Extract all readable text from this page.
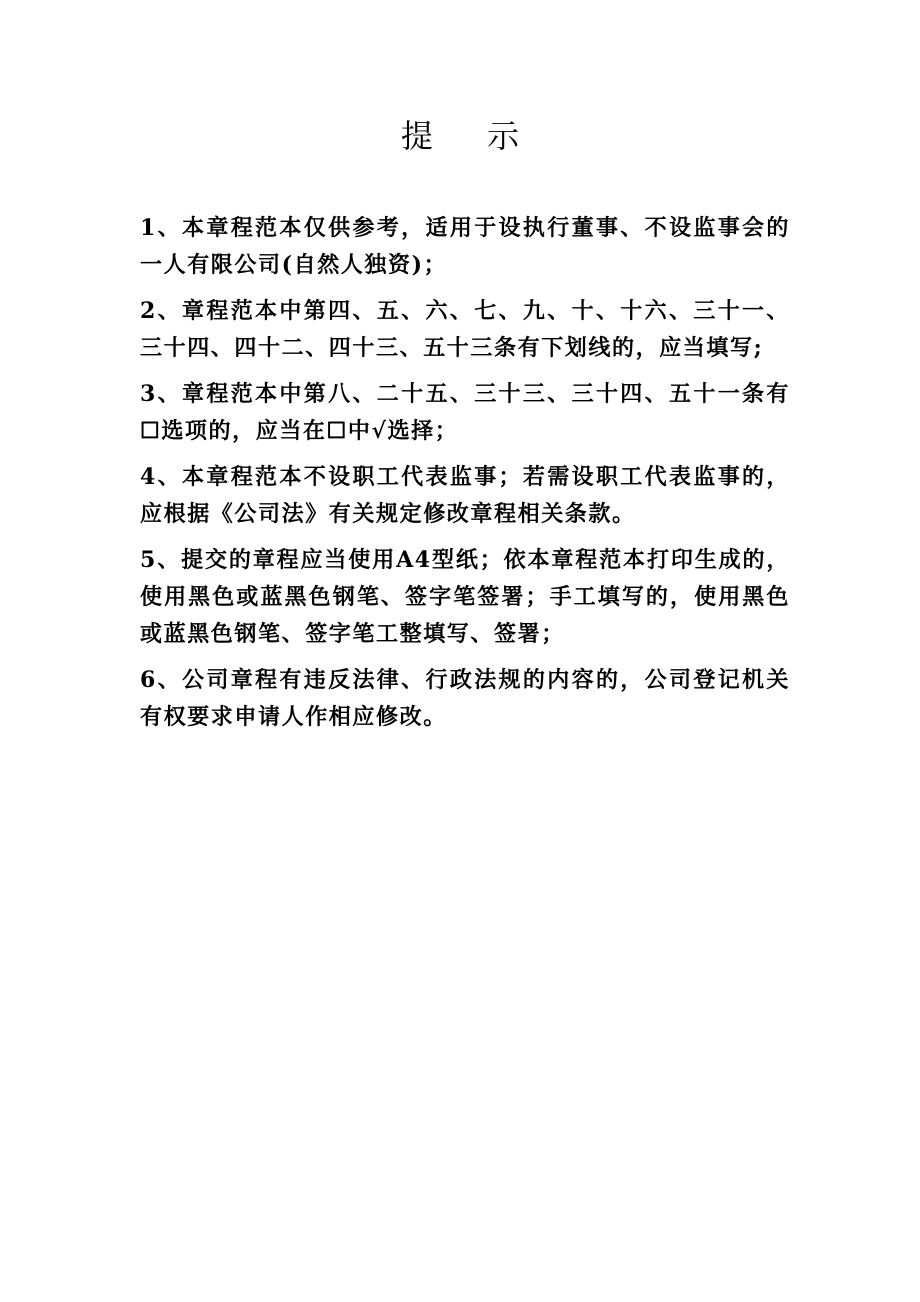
提 示
1、本章程范本仅供参考，适用于设执行董事、不设监事会的一人有限公司(自然人独资)；
2、章程范本中第四、五、六、七、九、十、十六、三十一、三十四、四十二、四十三、五十三条有下划线的，应当填写;
3、章程范本中第八、二十五、三十三、三十四、五十一条有☐选项的，应当在☐中√选择；
4、本章程范本不设职工代表监事；若需设职工代表监事的，应根据《公司法》有关规定修改章程相关条款。
5、提交的章程应当使用A4型纸；依本章程范本打印生成的，使用黑色或蓝黑色钢笔、签字笔签署；手工填写的，使用黑色或蓝黑色钢笔、签字笔工整填写、签署；
6、公司章程有违反法律、行政法规的内容的，公司登记机关有权要求申请人作相应修改。
